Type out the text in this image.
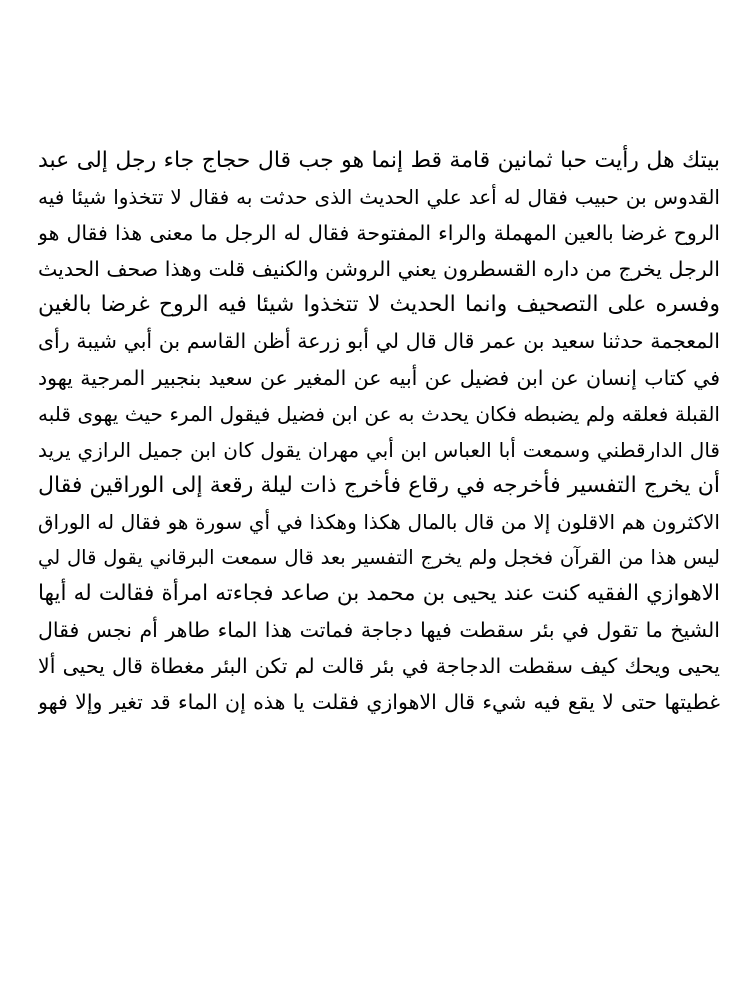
بيتك هل رأيت حبا ثمانين قامة قط إنما هو جب قال حجاج جاء رجل إلى عبد
القدوس بن حبيب فقال له أعد علي الحديث الذى حدثت به فقال لا تتخذوا شيئا فيه
الروح غرضا بالعين المهملة والراء المفتوحة فقال له الرجل ما معنى هذا فقال هو
الرجل يخرج من داره القسطرون يعني الروشن والكنيف قلت وهذا صحف الحديث
وفسره على التصحيف وانما الحديث لا تتخذوا شيئا فيه الروح غرضا بالغين
المعجمة حدثنا سعيد بن عمر قال قال لي أبو زرعة أظن القاسم بن أبي شيبة رأى
في كتاب إنسان عن ابن فضيل عن أبيه عن المغير عن سعيد بنجبير المرجية يهود
القبلة فعلقه ولم يضبطه فكان يحدث به عن ابن فضيل فيقول المرء حيث يهوى قلبه
قال الدارقطني وسمعت أبا العباس ابن أبي مهران يقول كان ابن جميل الرازي يريد
أن يخرج التفسير فأخرجه في رقاع فأخرج ذات ليلة رقعة إلى الوراقين فقال
الاكثرون هم الاقلون إلا من قال بالمال هكذا وهكذا في أي سورة هو فقال له الوراق
ليس هذا من القرآن فخجل ولم يخرج التفسير بعد قال سمعت البرقاني يقول قال لي
الاهوازي الفقيه كنت عند يحيى بن محمد بن صاعد فجاءته امرأة فقالت له أيها
الشيخ ما تقول في بئر سقطت فيها دجاجة فماتت هذا الماء طاهر أم نجس فقال
يحيى ويحك كيف سقطت الدجاجة في بئر قالت لم تكن البئر مغطاة قال يحيى ألا
غطيتها حتى لا يقع فيه شيء قال الاهوازي فقلت يا هذه إن الماء قد تغير وإلا فهو
